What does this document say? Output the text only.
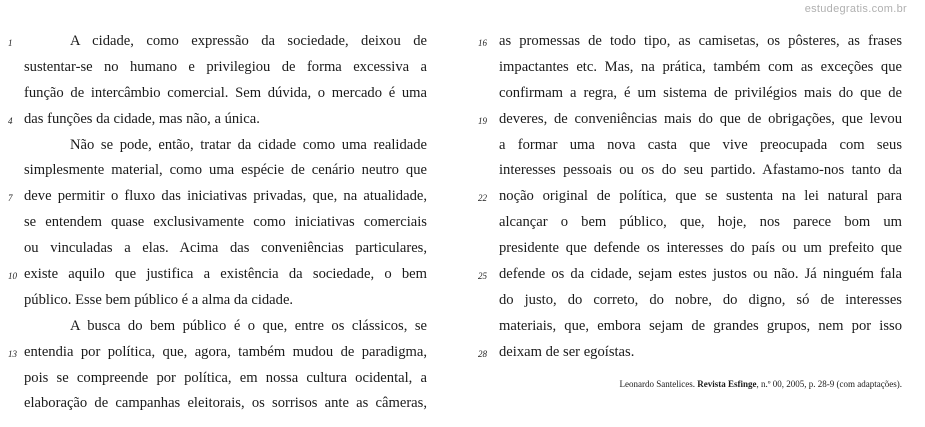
estudegratis.com.br
1	A cidade, como expressão da sociedade, deixou de
sustentar-se no humano e privilegiou de forma excessiva a
função de intercâmbio comercial. Sem dúvida, o mercado é uma
4 das funções da cidade, mas não, a única.
Não se pode, então, tratar da cidade como uma realidade
simplesmente material, como uma espécie de cenário neutro que
7 deve permitir o fluxo das iniciativas privadas, que, na atualidade,
se entendem quase exclusivamente como iniciativas comerciais
ou vinculadas a elas. Acima das conveniências particulares,
10 existe aquilo que justifica a existência da sociedade, o bem
público. Esse bem público é a alma da cidade.
A busca do bem público é o que, entre os clássicos, se
13 entendia por política, que, agora, também mudou de paradigma,
pois se compreende por política, em nossa cultura ocidental, a
elaboração de campanhas eleitorais, os sorrisos ante as câmeras,
16 as promessas de todo tipo, as camisetas, os pôsteres, as frases
impactantes etc. Mas, na prática, também com as exceções que
confirmam a regra, é um sistema de privilégios mais do que de
19 deveres, de conveniências mais do que de obrigações, que levou
a formar uma nova casta que vive preocupada com seus
interesses pessoais ou os do seu partido. Afastamo-nos tanto da
22 noção original de política, que se sustenta na lei natural para
alcançar o bem público, que, hoje, nos parece bom um
presidente que defende os interesses do país ou um prefeito que
25 defende os da cidade, sejam estes justos ou não. Já ninguém fala
do justo, do correto, do nobre, do digno, só de interesses
materiais, que, embora sejam de grandes grupos, nem por isso
28 deixam de ser egoístas.
Leonardo Santelices. Revista Esfinge, n.º 00, 2005, p. 28-9 (com adaptações).
